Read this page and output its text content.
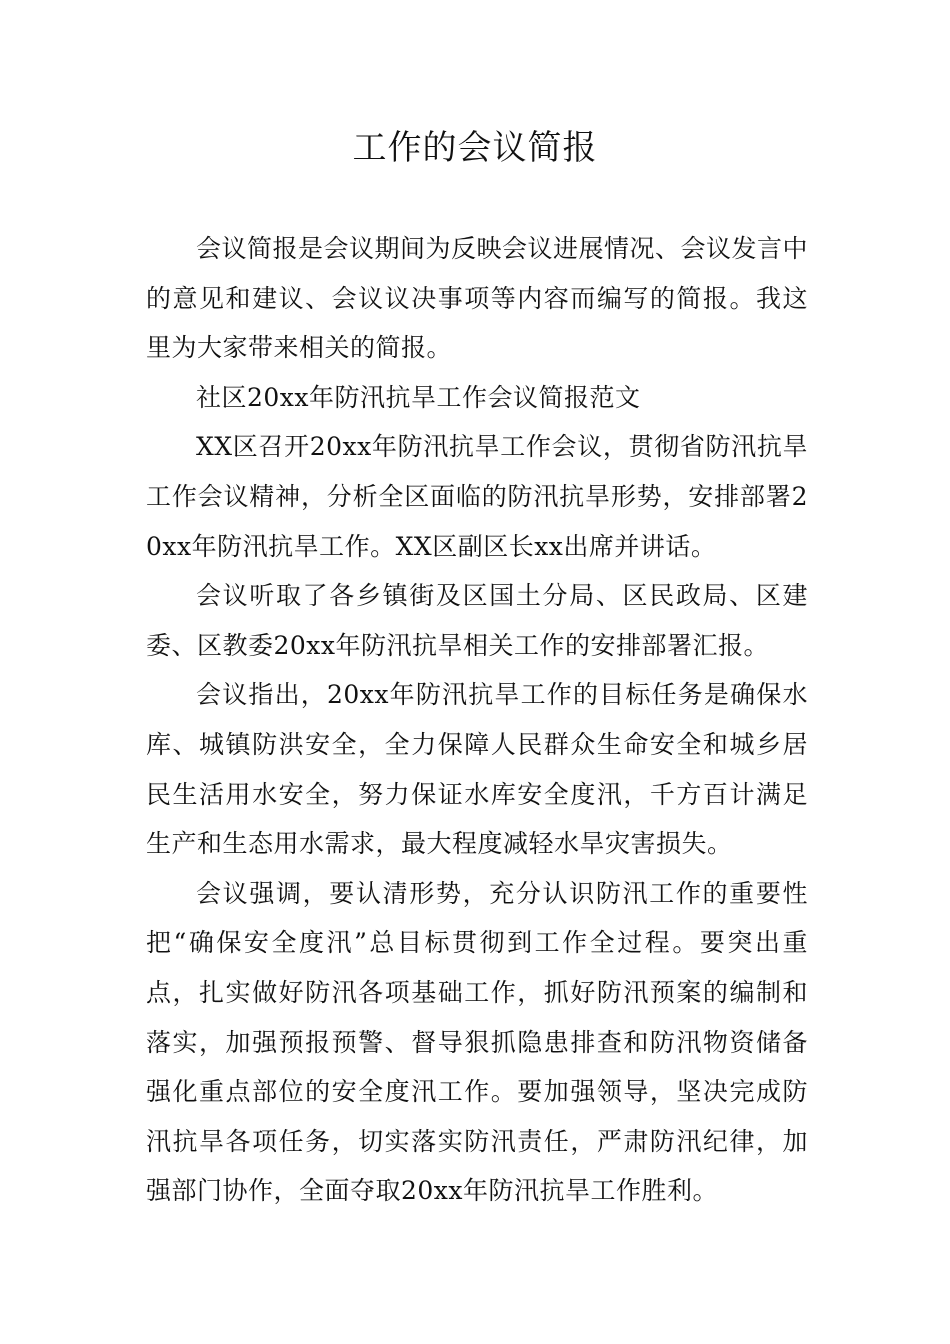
工作的会议简报

会议简报是会议期间为反映会议进展情况、会议发言中的意见和建议、会议议决事项等内容而编写的简报。我这里为大家带来相关的简报。

社区20xx年防汛抗旱工作会议简报范文

XX区召开20xx年防汛抗旱工作会议，贯彻省防汛抗旱工作会议精神，分析全区面临的防汛抗旱形势，安排部署20xx年防汛抗旱工作。XX区副区长xx出席并讲话。

会议听取了各乡镇街及区国土分局、区民政局、区建委、区教委20xx年防汛抗旱相关工作的安排部署汇报。

会议指出，20xx年防汛抗旱工作的目标任务是确保水库、城镇防洪安全，全力保障人民群众生命安全和城乡居民生活用水安全，努力保证水库安全度汛，千方百计满足生产和生态用水需求，最大程度减轻水旱灾害损失。

会议强调，要认清形势，充分认识防汛工作的重要性把“确保安全度汛”总目标贯彻到工作全过程。要突出重点，扎实做好防汛各项基础工作，抓好防汛预案的编制和落实，加强预报预警、督导狠抓隐患排查和防汛物资储备强化重点部位的安全度汛工作。要加强领导，坚决完成防汛抗旱各项任务，切实落实防汛责任，严肃防汛纪律，加强部门协作，全面夺取20xx年防汛抗旱工作胜利。
